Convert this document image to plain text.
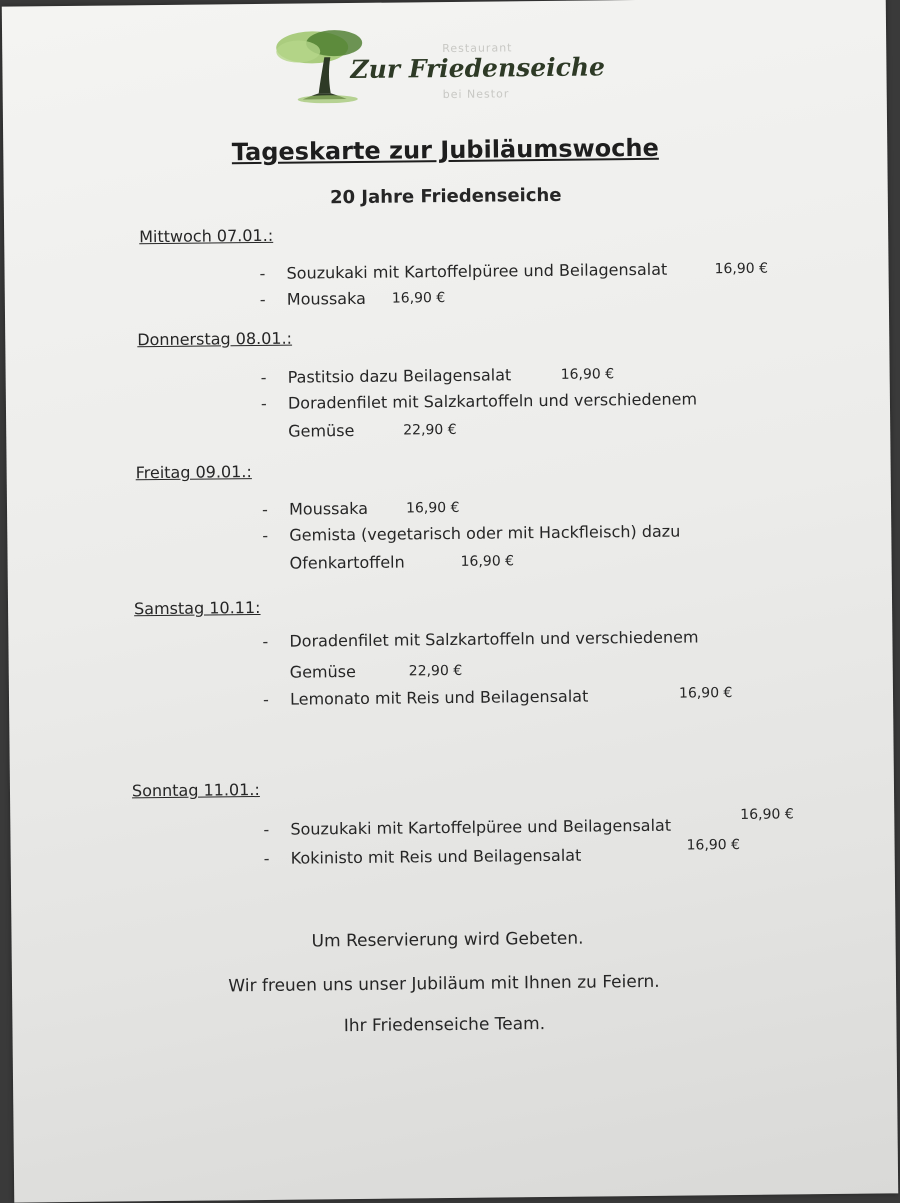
Restaurant
Zur Friedenseiche
bei Nestor
Tageskarte zur Jubiläumswoche
20 Jahre Friedenseiche
Mittwoch 07.01.:
- Souzukaki mit Kartoffelpüree und Beilagensalat	16,90 €
- Moussaka 16,90 €
Donnerstag 08.01.:
- Pastitsio dazu Beilagensalat	16,90 €
- Doradenfilet mit Salzkartoffeln und verschiedenem
Gemüse	22,90 €
Freitag 09.01.:
- Moussaka	16,90 €
- Gemista (vegetarisch oder mit Hackfleisch) dazu
Ofenkartoffeln	16,90 €
Samstag 10.11:
- Doradenfilet mit Salzkartoffeln und verschiedenem
Gemüse	22,90 €
- Lemonato mit Reis und Beilagensalat	16,90 €
Sonntag 11.01.:
- Souzukaki mit Kartoffelpüree und Beilagensalat
16,90 €
- Kokinisto mit Reis und Beilagensalat
16,90 €
Um Reservierung wird Gebeten.
Wir freuen uns unser Jubiläum mit Ihnen zu Feiern.
Ihr Friedenseiche Team.
